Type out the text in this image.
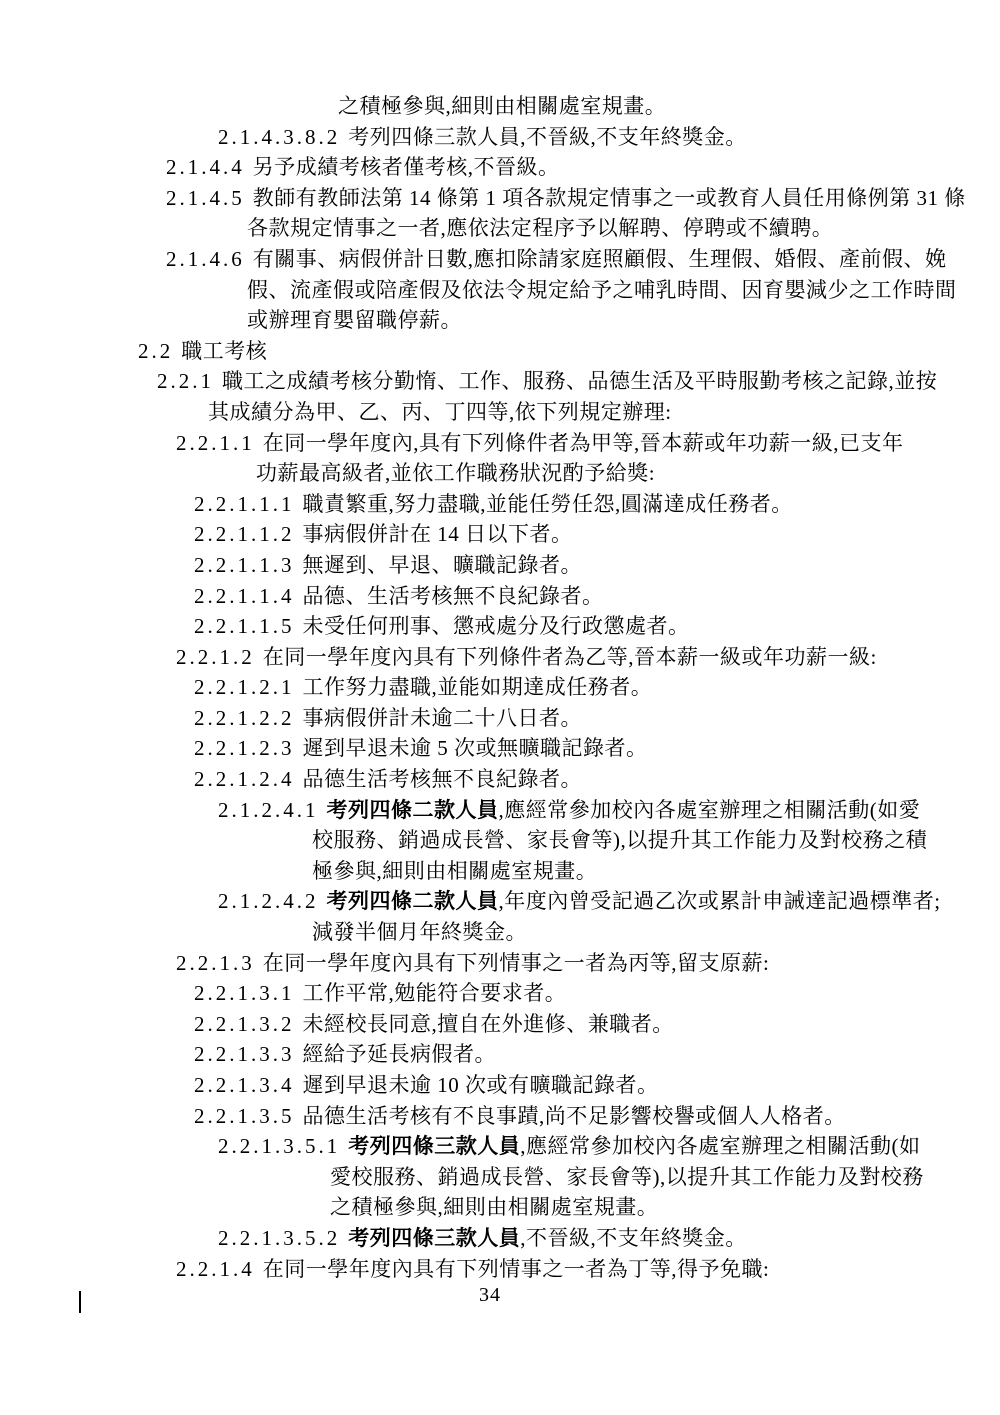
之積極參與,細則由相關處室規畫。
2.1.4.3.8.2 考列四條三款人員,不晉級,不支年終獎金。
2.1.4.4 另予成績考核者僅考核,不晉級。
2.1.4.5 教師有教師法第 14 條第 1 項各款規定情事之一或教育人員任用條例第 31 條
各款規定情事之一者,應依法定程序予以解聘、停聘或不續聘。
2.1.4.6 有關事、病假併計日數,應扣除請家庭照顧假、生理假、婚假、產前假、娩
假、流產假或陪產假及依法令規定給予之哺乳時間、因育嬰減少之工作時間
或辦理育嬰留職停薪。
2.2 職工考核
2.2.1 職工之成績考核分勤惰、工作、服務、品德生活及平時服勤考核之記錄,並按
其成績分為甲、乙、丙、丁四等,依下列規定辦理:
2.2.1.1 在同一學年度內,具有下列條件者為甲等,晉本薪或年功薪一級,已支年
功薪最高級者,並依工作職務狀況酌予給獎:
2.2.1.1.1 職責繁重,努力盡職,並能任勞任怨,圓滿達成任務者。
2.2.1.1.2 事病假併計在 14 日以下者。
2.2.1.1.3 無遲到、早退、曠職記錄者。
2.2.1.1.4 品德、生活考核無不良紀錄者。
2.2.1.1.5 未受任何刑事、懲戒處分及行政懲處者。
2.2.1.2 在同一學年度內具有下列條件者為乙等,晉本薪一級或年功薪一級:
2.2.1.2.1 工作努力盡職,並能如期達成任務者。
2.2.1.2.2 事病假併計未逾二十八日者。
2.2.1.2.3 遲到早退未逾 5 次或無曠職記錄者。
2.2.1.2.4 品德生活考核無不良紀錄者。
2.1.2.4.1 考列四條二款人員,應經常參加校內各處室辦理之相關活動(如愛
校服務、銷過成長營、家長會等),以提升其工作能力及對校務之積
極參與,細則由相關處室規畫。
2.1.2.4.2 考列四條二款人員,年度內曾受記過乙次或累計申誡達記過標準者;
減發半個月年終獎金。
2.2.1.3 在同一學年度內具有下列情事之一者為丙等,留支原薪:
2.2.1.3.1 工作平常,勉能符合要求者。
2.2.1.3.2 未經校長同意,擅自在外進修、兼職者。
2.2.1.3.3 經給予延長病假者。
2.2.1.3.4 遲到早退未逾 10 次或有曠職記錄者。
2.2.1.3.5 品德生活考核有不良事蹟,尚不足影響校譽或個人人格者。
2.2.1.3.5.1 考列四條三款人員,應經常參加校內各處室辦理之相關活動(如
愛校服務、銷過成長營、家長會等),以提升其工作能力及對校務
之積極參與,細則由相關處室規畫。
2.2.1.3.5.2 考列四條三款人員,不晉級,不支年終獎金。
2.2.1.4 在同一學年度內具有下列情事之一者為丁等,得予免職:
34
